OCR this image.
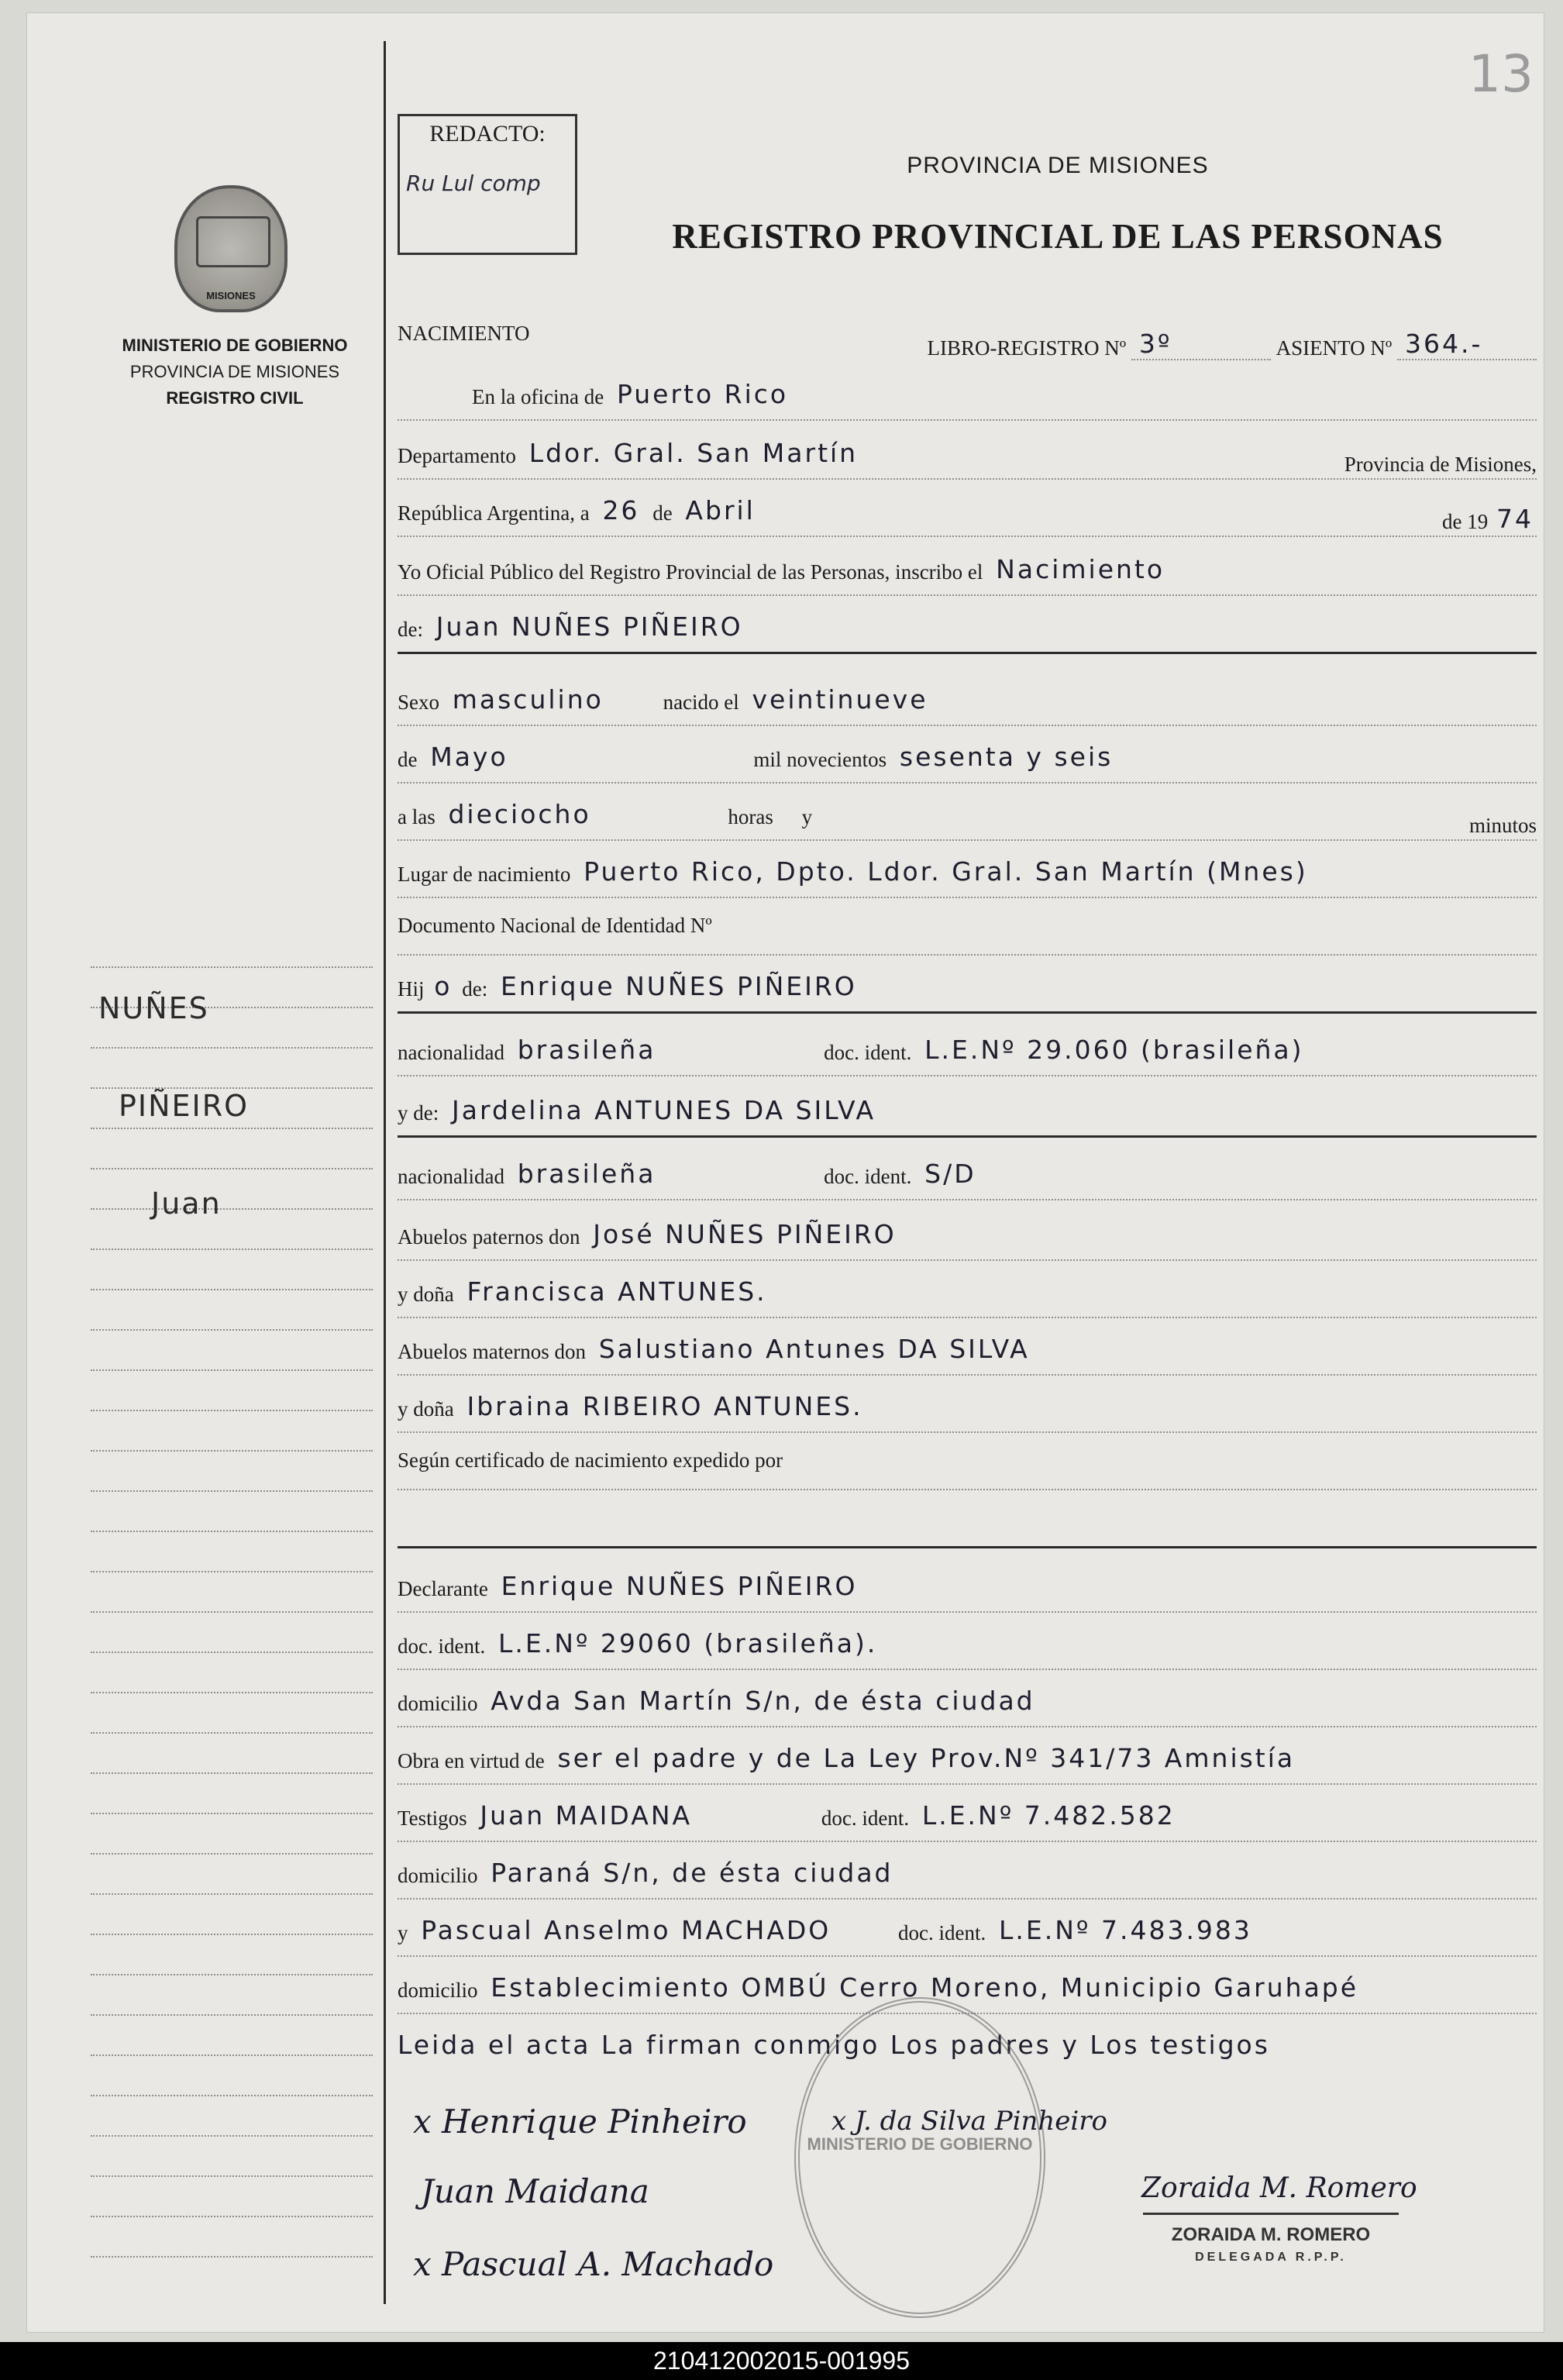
13
REDACTO:
Ru Lul comp
PROVINCIA DE MISIONES
REGISTRO PROVINCIAL DE LAS PERSONAS
MISIONES
MINISTERIO DE GOBIERNO
PROVINCIA DE MISIONES
REGISTRO CIVIL
NUÑES
PIÑEIRO
Juan
NACIMIENTO
LIBRO-REGISTRO Nº 3º	ASIENTO Nº 364.-
En la oficina de Puerto Rico
Departamento Ldor. Gral. San Martín	Provincia de Misiones,
República Argentina, a 26 de Abril	de 19 74
Yo Oficial Público del Registro Provincial de las Personas, inscribo el Nacimiento
de: Juan NUÑES PIÑEIRO
Sexo masculino	nacido el veintinueve
de Mayo	mil novecientos sesenta y seis
a las dieciocho	horas y	minutos
Lugar de nacimiento Puerto Rico, Dpto. Ldor. Gral. San Martín (Mnes)
Documento Nacional de Identidad Nº
Hij o de: Enrique NUÑES PIÑEIRO
nacionalidad brasileña	doc. ident. L.E.Nº 29.060 (brasileña)
y de: Jardelina ANTUNES DA SILVA
nacionalidad brasileña	doc. ident. S/D
Abuelos paternos don José NUÑES PIÑEIRO
y doña Francisca ANTUNES.
Abuelos maternos don Salustiano Antunes DA SILVA
y doña Ibraina RIBEIRO ANTUNES.
Según certificado de nacimiento expedido por
Declarante Enrique NUÑES PIÑEIRO
doc. ident. L.E.Nº 29060 (brasileña).
domicilio Avda San Martín S/n, de ésta ciudad
Obra en virtud de ser el padre y de La Ley Prov.Nº 341/73 Amnistía
Testigos Juan MAIDANA	doc. ident. L.E.Nº 7.482.582
domicilio Paraná S/n, de ésta ciudad
y Pascual Anselmo MACHADO	doc. ident. L.E.Nº 7.483.983
domicilio Establecimiento OMBÚ Cerro Moreno, Municipio Garuhapé
Leida el acta La firman conmigo Los padres y Los testigos
MINISTERIO DE GOBIERNO
x Henrique Pinheiro	x J. da Silva Pinheiro
Juan Maidana	Zoraida M. Romero
x Pascual A. Machado
ZORAIDA M. ROMERO
DELEGADA R.P.P.
210412002015-001995
